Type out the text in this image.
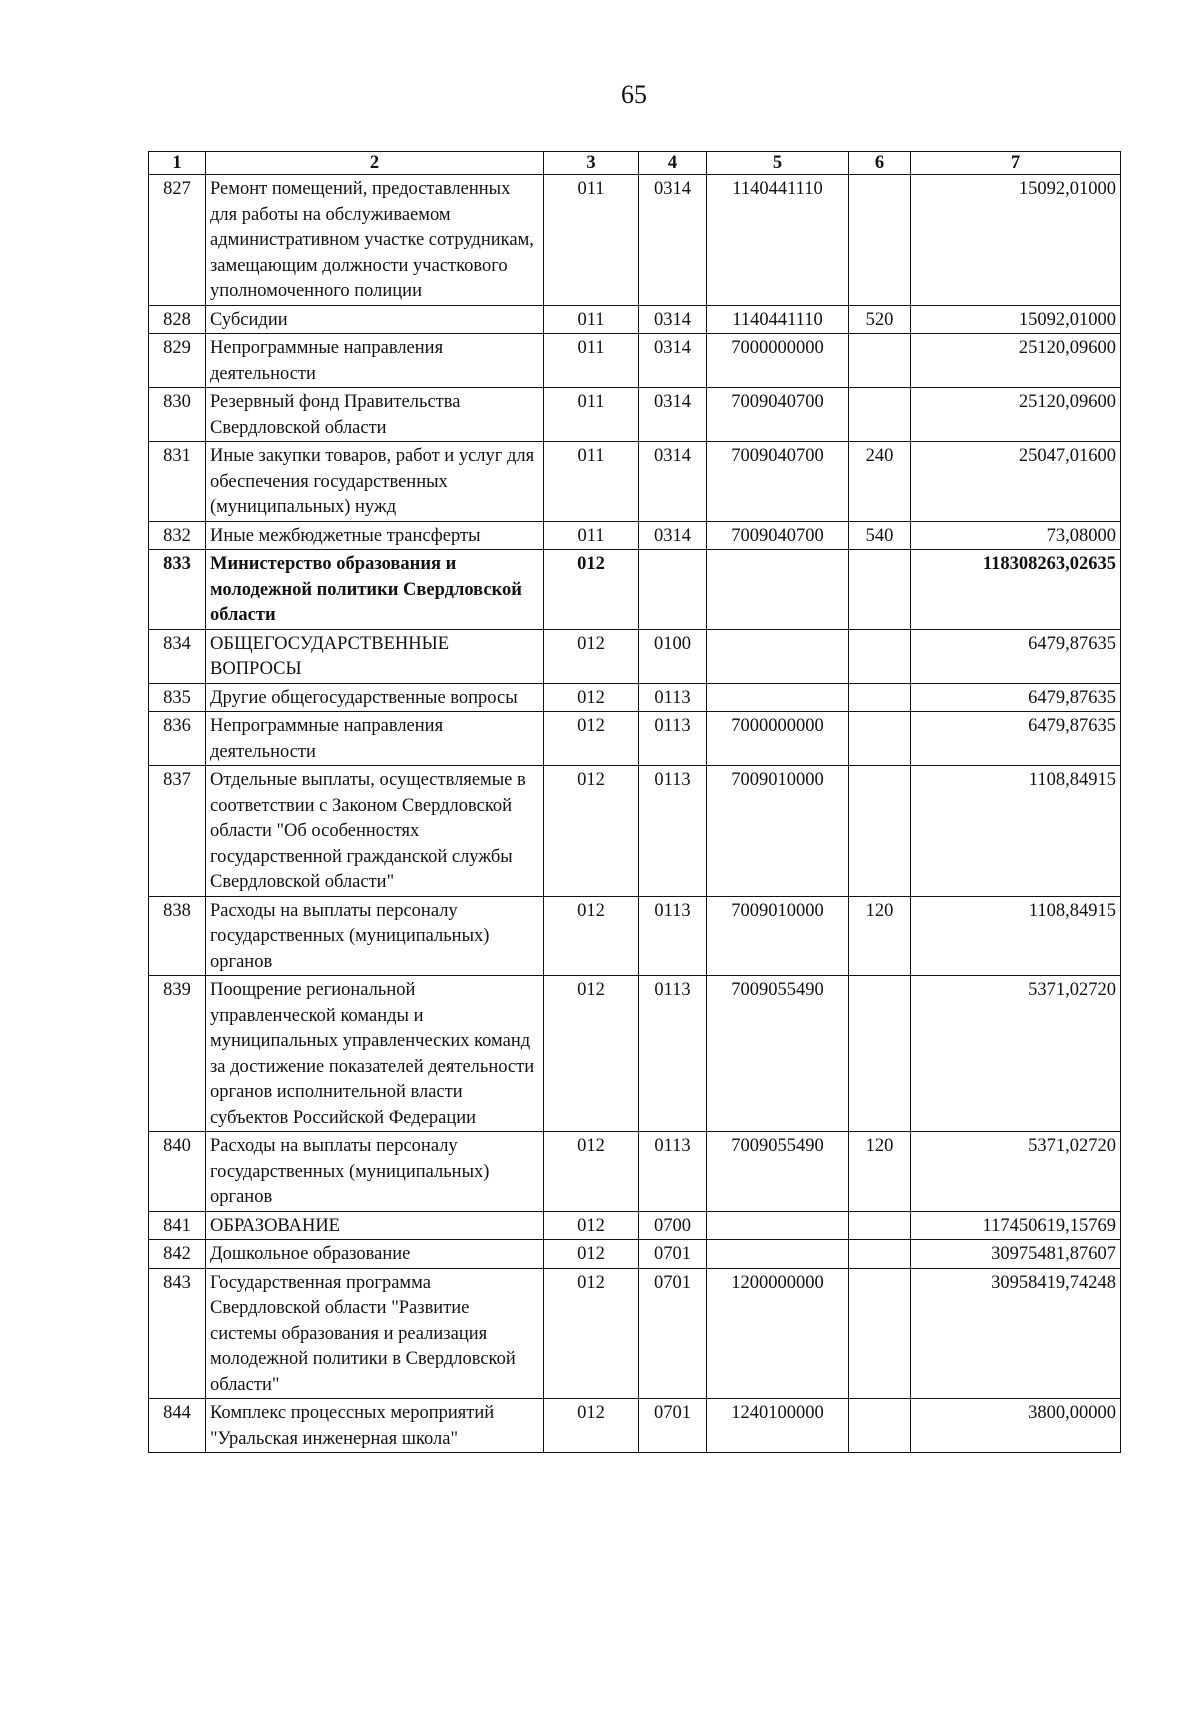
65
1	2	3	4	5	6	7
827	Ремонт помещений, предоставленных для работы на обслуживаемом административном участке сотрудникам, замещающим должности участкового уполномоченного полиции	011	0314	1140441110		15092,01000
828	Субсидии	011	0314	1140441110	520	15092,01000
829	Непрограммные направления деятельности	011	0314	7000000000		25120,09600
830	Резервный фонд Правительства Свердловской области	011	0314	7009040700		25120,09600
831	Иные закупки товаров, работ и услуг для обеспечения государственных (муниципальных) нужд	011	0314	7009040700	240	25047,01600
832	Иные межбюджетные трансферты	011	0314	7009040700	540	73,08000
833	Министерство образования и молодежной политики Свердловской области	012				118308263,02635
834	ОБЩЕГОСУДАРСТВЕННЫЕ ВОПРОСЫ	012	0100			6479,87635
835	Другие общегосударственные вопросы	012	0113			6479,87635
836	Непрограммные направления деятельности	012	0113	7000000000		6479,87635
837	Отдельные выплаты, осуществляемые в соответствии с Законом Свердловской области "Об особенностях государственной гражданской службы Свердловской области"	012	0113	7009010000		1108,84915
838	Расходы на выплаты персоналу государственных (муниципальных) органов	012	0113	7009010000	120	1108,84915
839	Поощрение региональной управленческой команды и муниципальных управленческих команд за достижение показателей деятельности органов исполнительной власти субъектов Российской Федерации	012	0113	7009055490		5371,02720
840	Расходы на выплаты персоналу государственных (муниципальных) органов	012	0113	7009055490	120	5371,02720
841	ОБРАЗОВАНИЕ	012	0700			117450619,15769
842	Дошкольное образование	012	0701			30975481,87607
843	Государственная программа Свердловской области "Развитие системы образования и реализация молодежной политики в Свердловской области"	012	0701	1200000000		30958419,74248
844	Комплекс процессных мероприятий "Уральская инженерная школа"	012	0701	1240100000		3800,00000
